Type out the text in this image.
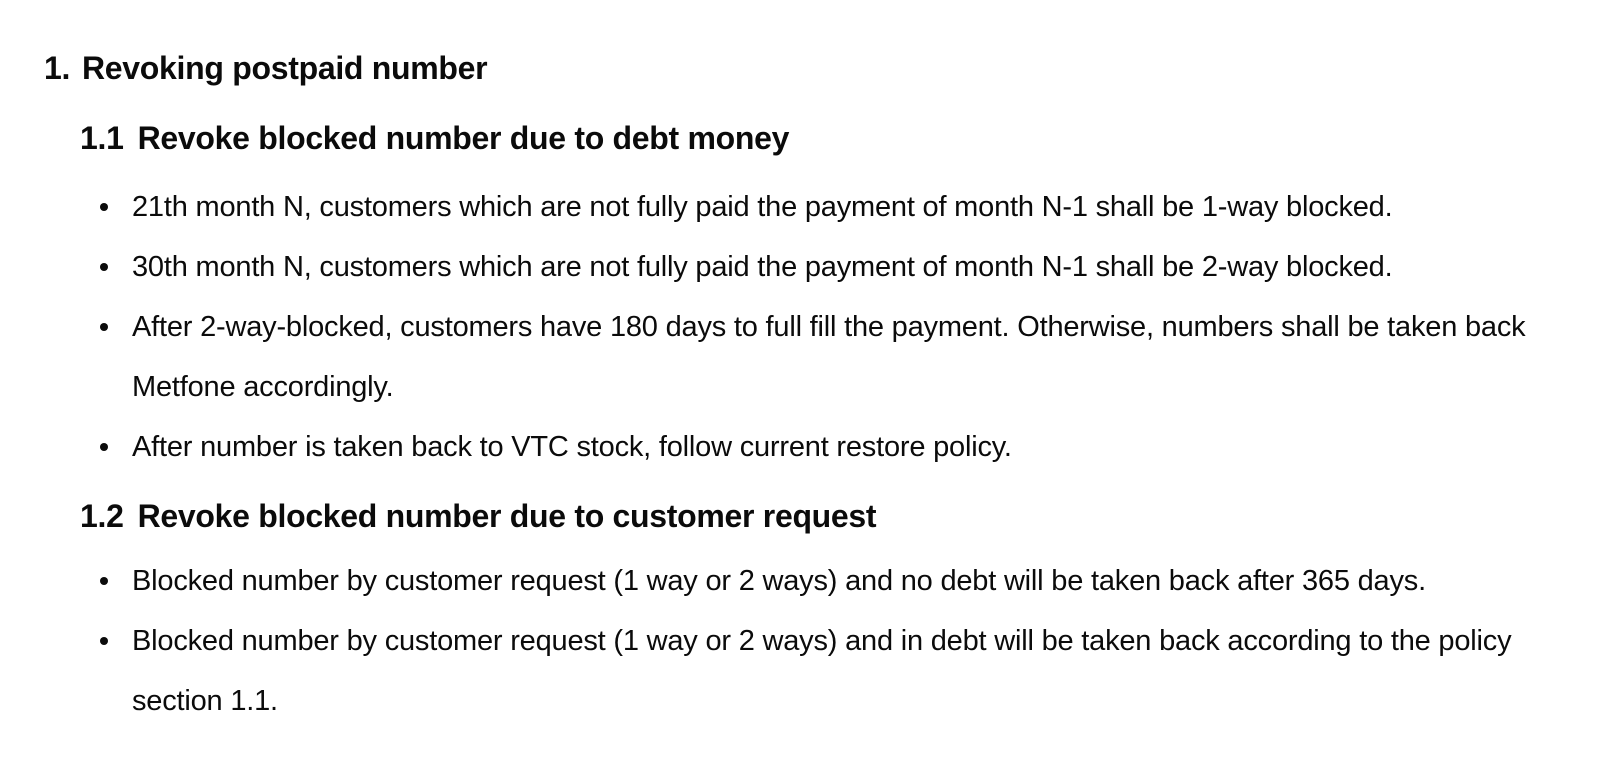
1. Revoking postpaid number
1.1 Revoke blocked number due to debt money
21th month N, customers which are not fully paid the payment of month N-1 shall be 1-way blocked.
30th month N, customers which are not fully paid the payment of month N-1 shall be 2-way blocked.
After 2-way-blocked, customers have 180 days to full fill the payment. Otherwise, numbers shall be taken back Metfone accordingly.
After number is taken back to VTC stock, follow current restore policy.
1.2 Revoke blocked number due to customer request
Blocked number by customer request (1 way or 2 ways) and no debt will be taken back after 365 days.
Blocked number by customer request (1 way or 2 ways) and in debt will be taken back according to the policy section 1.1.
